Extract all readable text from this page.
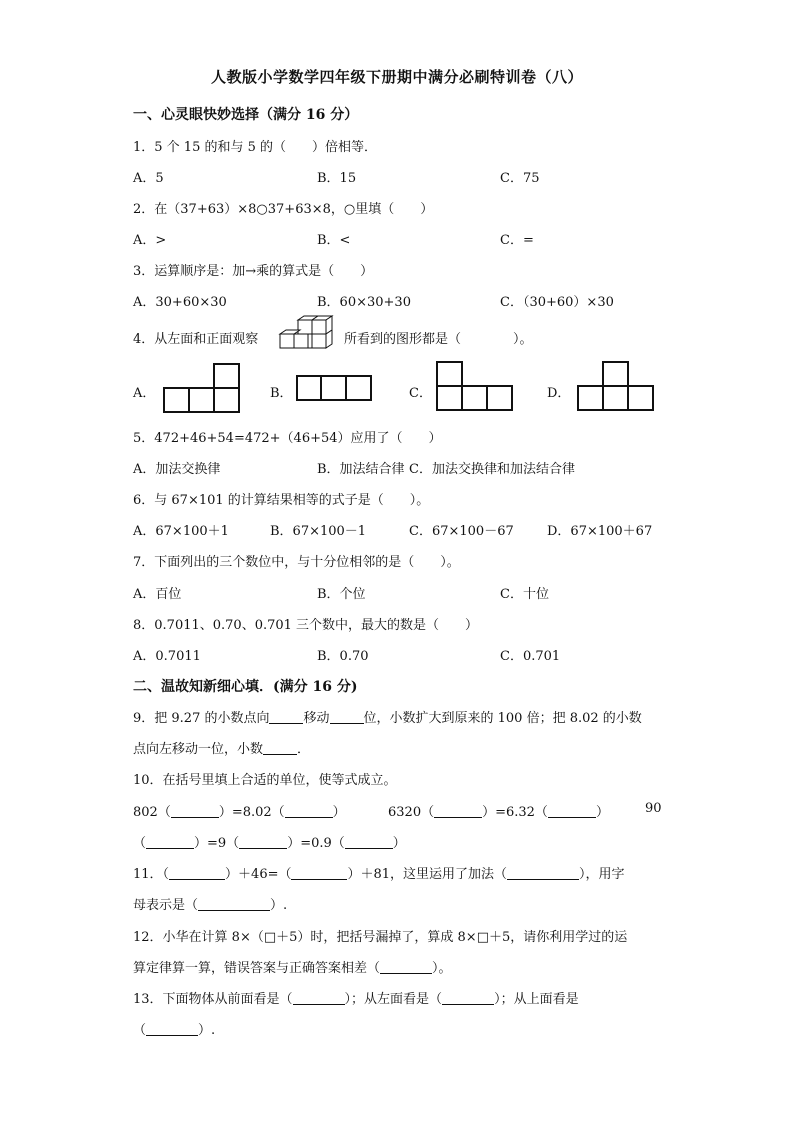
人教版小学数学四年级下册期中满分必刷特训卷（八）
一、心灵眼快妙选择（满分 16 分）
1．5 个 15 的和与 5 的（　　）倍相等．
A．5	B．15	C．75
2．在（37+63）×8○37+63×8，○里填（　　）
A．>	B．<	C．=
3．运算顺序是：加→乘的算式是（　　）
A．30+60×30	B．60×30+30	C．（30+60）×30
4．从左面和正面观察	所看到的图形都是（　　　　）。
A．	B．	C．	D．
5．472+46+54=472+（46+54）应用了（　　）
A．加法交换律	B．加法结合律 C．加法交换律和加法结合律
6．与 67×101 的计算结果相等的式子是（　　）。
A．67×100＋1	B．67×100－1	C．67×100－67	D．67×100＋67
7．下面列出的三个数位中，与十分位相邻的是（　　）。
A．百位	B．个位	C．十位
8．0.7011、0.70、0.701 三个数中，最大的数是（　　）
A．0.7011	B．0.70	C．0.701
二、温故知新细心填．(满分 16 分)
9．把 9.27 的小数点向	移动	位，小数扩大到原来的 100 倍；把 8.02 的小数
点向左移动一位，小数	．
10．在括号里填上合适的单位，使等式成立。
802（	）=8.02（	）	6320（	）=6.32（	）	90
（	）=9（	）=0.9（	）
11．（	）＋46=（	）＋81，这里运用了加法（	），用字
母表示是（	）.
12．小华在计算 8×（□＋5）时，把括号漏掉了，算成 8×□＋5，请你利用学过的运
算定律算一算，错误答案与正确答案相差（	）。
13．下面物体从前面看是（	）；从左面看是（	）；从上面看是
（	）.
